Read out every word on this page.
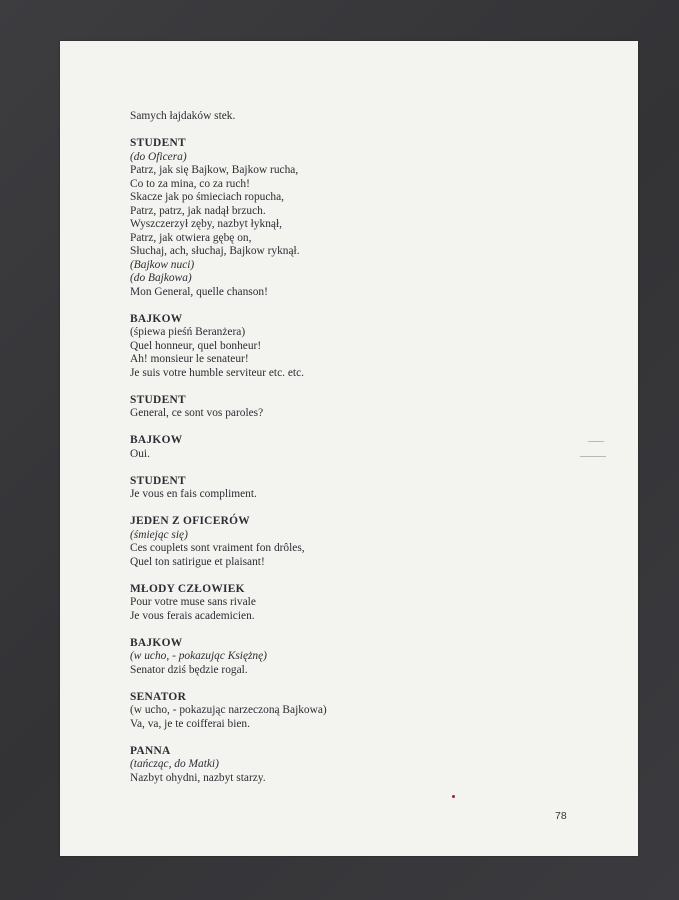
Samych łajdaków stek.
STUDENT
(do Oficera)
Patrz, jak się Bajkow, Bajkow rucha,
Co to za mina, co za ruch!
Skacze jak po śmieciach ropucha,
Patrz, patrz, jak nadął brzuch.
Wyszczerzył zęby, nazbyt łyknął,
Patrz, jak otwiera gębę on,
Słuchaj, ach, słuchaj, Bajkow ryknął.
(Bajkow nuci)
(do Bajkowa)
Mon General, quelle chanson!
BAJKOW
(śpiewa pieśń Beranżera)
Quel honneur, quel bonheur!
Ah! monsieur le senateur!
Je suis votre humble serviteur etc. etc.
STUDENT
General, ce sont vos paroles?
BAJKOW
Oui.
STUDENT
Je vous en fais compliment.
JEDEN Z OFICERÓW
(śmiejąc się)
Ces couplets sont vraiment fon drôles,
Quel ton satirigue et plaisant!
MŁODY CZŁOWIEK
Pour votre muse sans rivale
Je vous ferais academicien.
BAJKOW
(w ucho, - pokazując Księżnę)
Senator dziś będzie rogal.
SENATOR
(w ucho, - pokazując narzeczoną Bajkowa)
Va, va, je te coifferai bien.
PANNA
(tańcząc, do Matki)
Nazbyt ohydni, nazbyt starzy.
78
